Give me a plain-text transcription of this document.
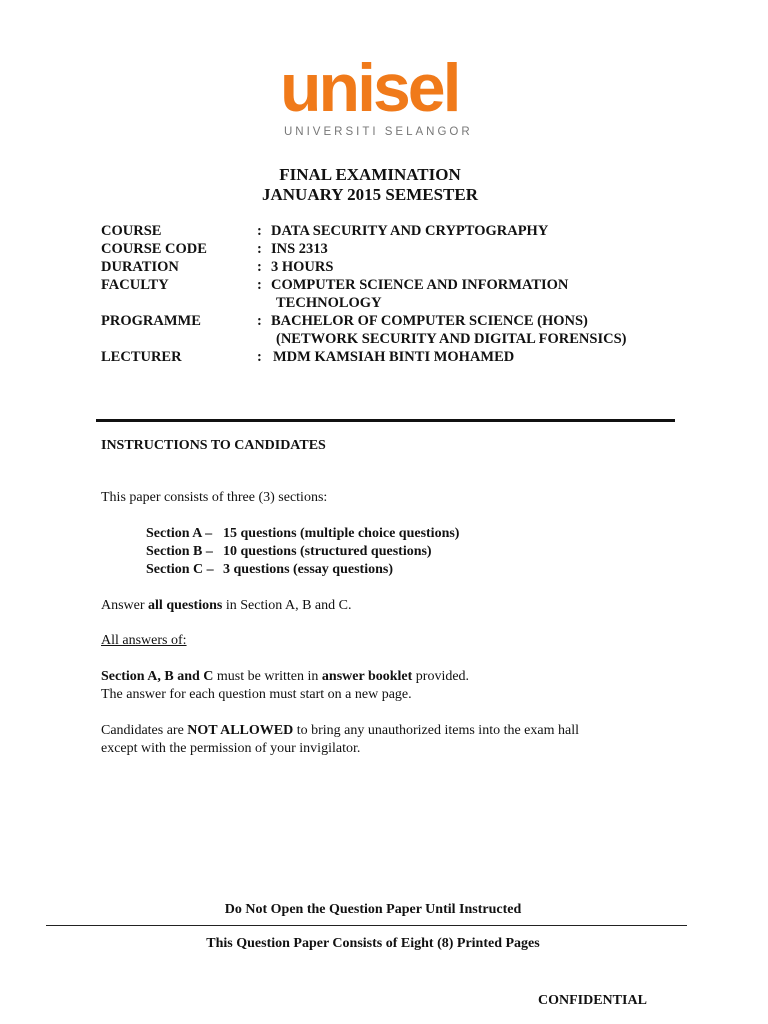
unisel
UNIVERSITI SELANGOR
FINAL EXAMINATION
JANUARY 2015 SEMESTER
COURSE	: DATA SECURITY AND CRYPTOGRAPHY
COURSE CODE	: INS 2313
DURATION	: 3 HOURS
FACULTY	: COMPUTER SCIENCE AND INFORMATION
TECHNOLOGY
PROGRAMME	: BACHELOR OF COMPUTER SCIENCE (HONS)
(NETWORK SECURITY AND DIGITAL FORENSICS)
LECTURER	: MDM KAMSIAH BINTI MOHAMED
INSTRUCTIONS TO CANDIDATES
This paper consists of three (3) sections:
Section A – 15 questions (multiple choice questions)
Section B – 10 questions (structured questions)
Section C – 3 questions (essay questions)
Answer all questions in Section A, B and C.
All answers of:
Section A, B and C must be written in answer booklet provided.
The answer for each question must start on a new page.
Candidates are NOT ALLOWED to bring any unauthorized items into the exam hall
except with the permission of your invigilator.
Do Not Open the Question Paper Until Instructed
This Question Paper Consists of Eight (8) Printed Pages
CONFIDENTIAL
